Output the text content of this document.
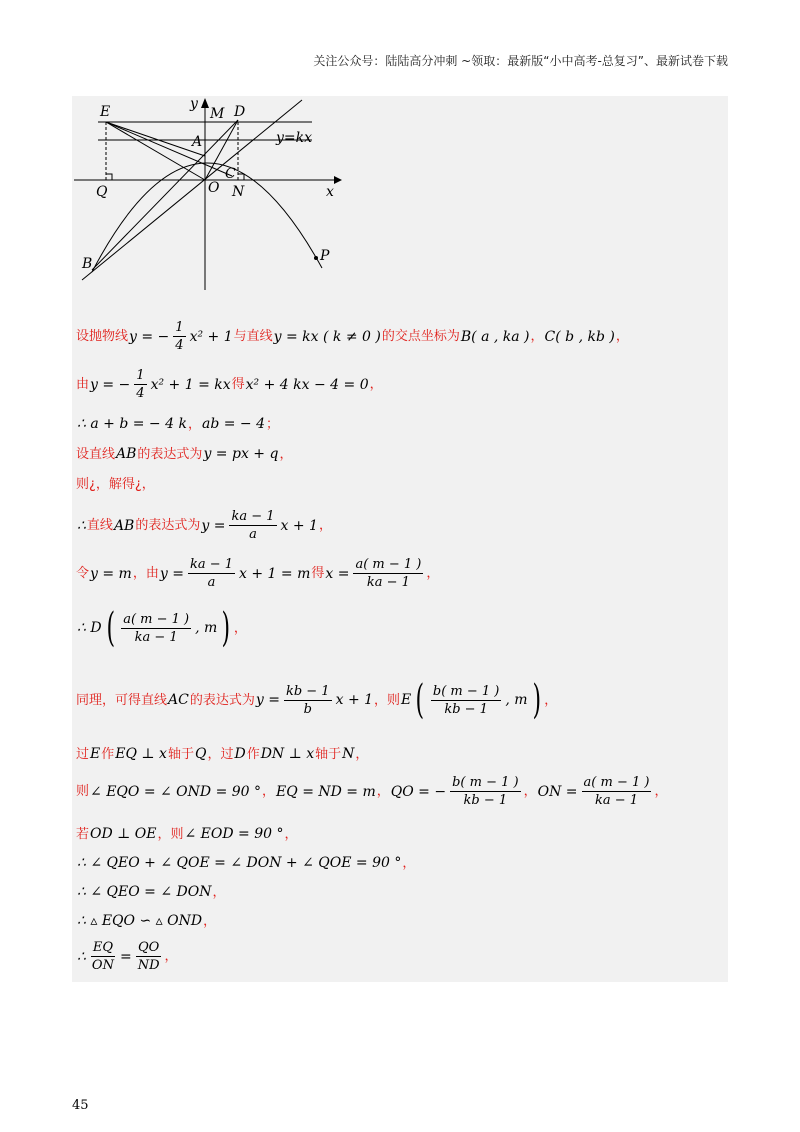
关注公众号：陆陆高分冲刺 ~领取：最新版“小中高考-总复习”、最新试卷下载
E	M D
y
A	y=kx
C
Q	O N	x
B	P
设抛物线 y = − $\frac{1}{4} x^2 + 1$ 与直线 y = kx ( k ≠ 0 ) 的交点坐标为 B( a , ka ) ， C( b , kb ) ，
由 y = − $\frac{1}{4} x^2 + 1$ = kx 得 x² + 4 kx − 4 = 0 ，
∴ a + b = − 4 k ， ab = − 4 ；
设直线 AB 的表达式为 y = px + q ，
则¿，解得¿，
∴ 直线 AB 的表达式为 $y = \frac{ka - 1}{a}$ x + 1 ，
令 y = m ，由 $y = \frac{ka - 1}{a}$ x + 1 = m 得 $x = \frac{a( m - 1 )}{ka - 1}$ ，
∴ D ( $\frac{a( m - 1 )}{ka - 1}$ , m ) ，
同理，可得直线 AC 的表达式为 $y = \frac{kb - 1}{b}$ x + 1 ，则 E ( $\frac{b( m - 1 )}{kb - 1}$ , m ) ，
过 E 作 EQ ⊥ x 轴于 Q ，过 D 作 DN ⊥ x 轴于 N ，
则 ∠ EQO = ∠ OND = 90 ° ， EQ = ND = m ， QO = − $\frac{b( m - 1 )}{kb - 1}$ ， ON = $\frac{a( m - 1 )}{ka - 1}$ ，
若 OD ⊥ OE ，则 ∠ EOD = 90 ° ，
∴ ∠ QEO + ∠ QOE = ∠ DON + ∠ QOE = 90 ° ，
∴ ∠ QEO = ∠ DON ，
∴ ▵ EQO ∽ ▵ OND ，
∴ $\frac{EQ}{ON} = \frac{QO}{ND}$ ，
45
